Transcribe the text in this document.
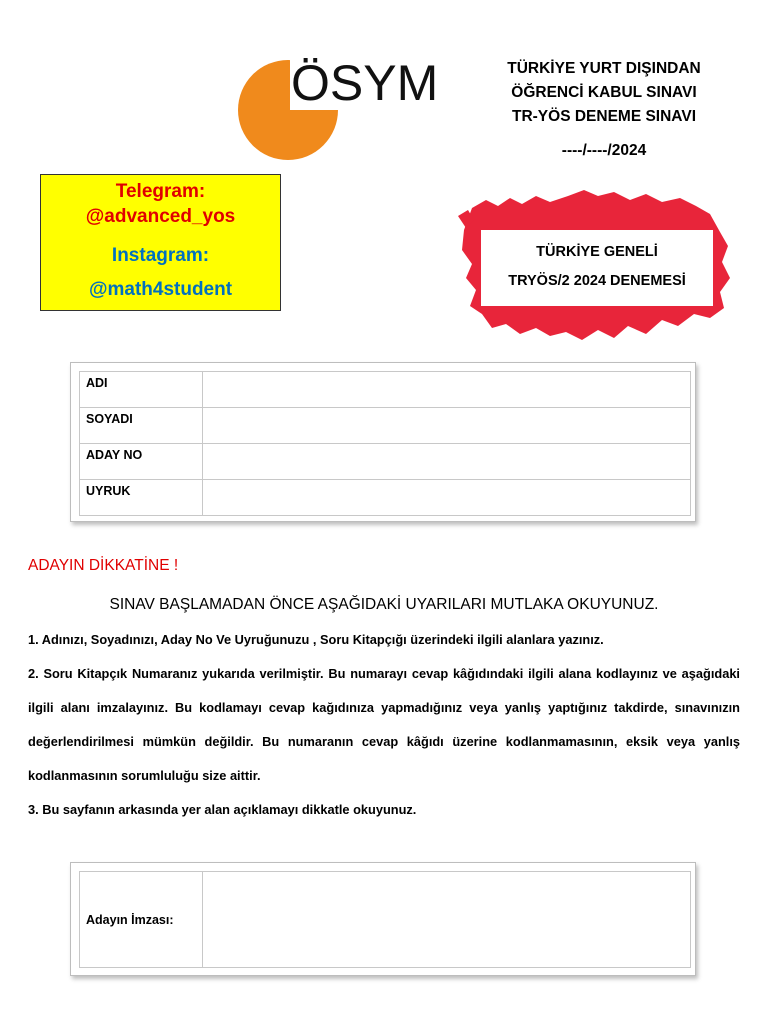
ÖSYM	TÜRKİYE YURT DIŞINDAN
ÖĞRENCİ KABUL SINAVI
TR-YÖS DENEME SINAVI
----/----/2024
Telegram:
@advanced_yos
Instagram:
@math4student
TÜRKİYE GENELİ
TRYÖS/2 2024 DENEMESİ
ADI	
SOYADI	
ADAY NO	
UYRUK	
ADAYIN DİKKATİNE !
SINAV BAŞLAMADAN ÖNCE AŞAĞIDAKİ UYARILARI MUTLAKA OKUYUNUZ.

1. Adınızı, Soyadınızı, Aday No Ve Uyruğunuzu , Soru Kitapçığı üzerindeki ilgili alanlara yazınız.

2. Soru Kitapçık Numaranız yukarıda verilmiştir. Bu numarayı cevap kâğıdındaki ilgili alana kodlayınız ve aşağıdaki ilgili alanı imzalayınız. Bu kodlamayı cevap kağıdınıza yapmadığınız veya yanlış yaptığınız takdirde, sınavınızın değerlendirilmesi mümkün değildir. Bu numaranın cevap kâğıdı üzerine kodlanmamasının, eksik veya yanlış kodlanmasının sorumluluğu size aittir.

3. Bu sayfanın arkasında yer alan açıklamayı dikkatle okuyunuz.

Adayın İmzası:	
